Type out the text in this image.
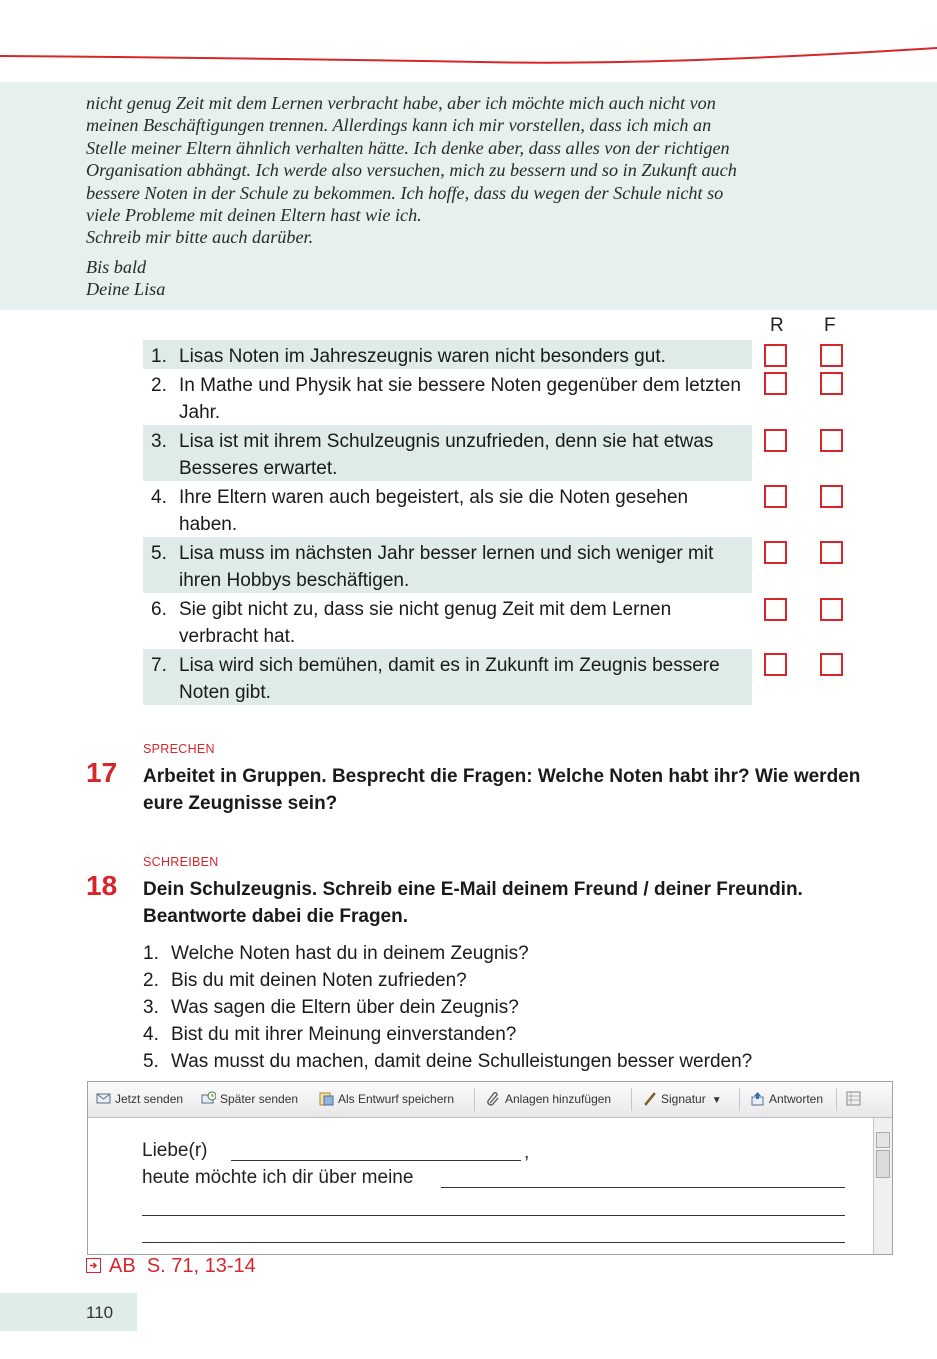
nicht genug Zeit mit dem Lernen verbracht habe, aber ich möchte mich auch nicht von
meinen Beschäftigungen trennen. Allerdings kann ich mir vorstellen, dass ich mich an
Stelle meiner Eltern ähnlich verhalten hätte. Ich denke aber, dass alles von der richtigen
Organisation abhängt. Ich werde also versuchen, mich zu bessern und so in Zukunft auch
bessere Noten in der Schule zu bekommen. Ich hoffe, dass du wegen der Schule nicht so
viele Probleme mit deinen Eltern hast wie ich.
Schreib mir bitte auch darüber.
Bis bald
Deine Lisa
R F
1. Lisas Noten im Jahreszeugnis waren nicht besonders gut.
2. In Mathe und Physik hat sie bessere Noten gegenüber dem letzten Jahr.
3. Lisa ist mit ihrem Schulzeugnis unzufrieden, denn sie hat etwas Besseres erwartet.
4. Ihre Eltern waren auch begeistert, als sie die Noten gesehen haben.
5. Lisa muss im nächsten Jahr besser lernen und sich weniger mit ihren Hobbys beschäftigen.
6. Sie gibt nicht zu, dass sie nicht genug Zeit mit dem Lernen verbracht hat.
7. Lisa wird sich bemühen, damit es in Zukunft im Zeugnis bessere Noten gibt.
SPRECHEN
17 Arbeitet in Gruppen. Besprecht die Fragen: Welche Noten habt ihr? Wie werden eure Zeugnisse sein?
SCHREIBEN
18 Dein Schulzeugnis. Schreib eine E-Mail deinem Freund / deiner Freundin. Beantworte dabei die Fragen.
1. Welche Noten hast du in deinem Zeugnis?
2. Bis du mit deinen Noten zufrieden?
3. Was sagen die Eltern über dein Zeugnis?
4. Bist du mit ihrer Meinung einverstanden?
5. Was musst du machen, damit deine Schulleistungen besser werden?
Jetzt senden	Später senden	Als Entwurf speichern	Anlagen hinzufügen	Signatur ▼	Antworten
Liebe(r)	,
heute möchte ich dir über meine
AB S. 71, 13-14
110
